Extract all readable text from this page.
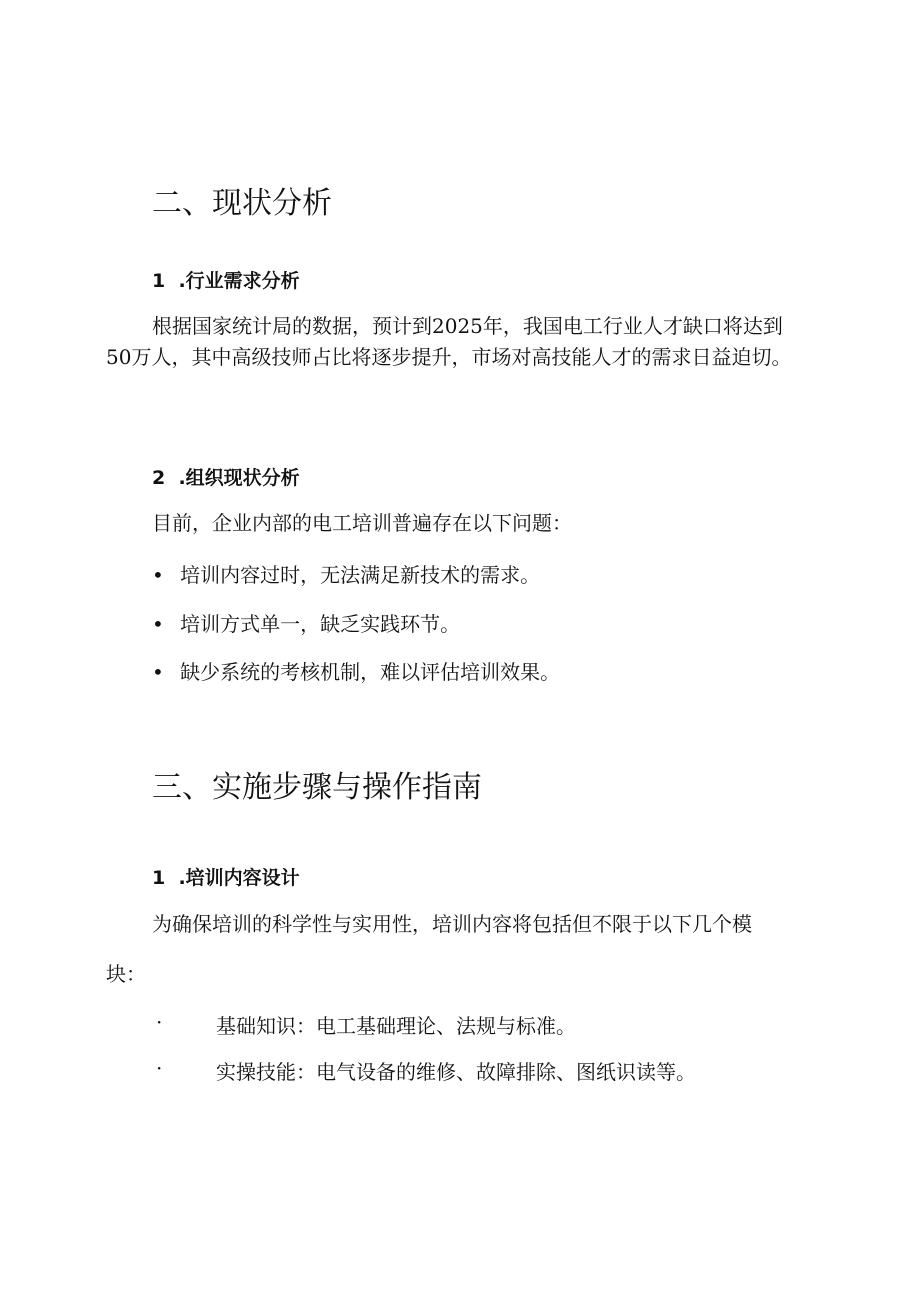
二、现状分析
1  .行业需求分析
根据国家统计局的数据，预计到2025年，我国电工行业人才缺口将达到50万人，其中高级技师占比将逐步提升，市场对高技能人才的需求日益迫切。
2  .组织现状分析
目前，企业内部的电工培训普遍存在以下问题：
• 培训内容过时，无法满足新技术的需求。
• 培训方式单一，缺乏实践环节。
• 缺少系统的考核机制，难以评估培训效果。
三、实施步骤与操作指南
1  .培训内容设计
为确保培训的科学性与实用性，培训内容将包括但不限于以下几个模
块：
·	基础知识：电工基础理论、法规与标准。
·	实操技能：电气设备的维修、故障排除、图纸识读等。
